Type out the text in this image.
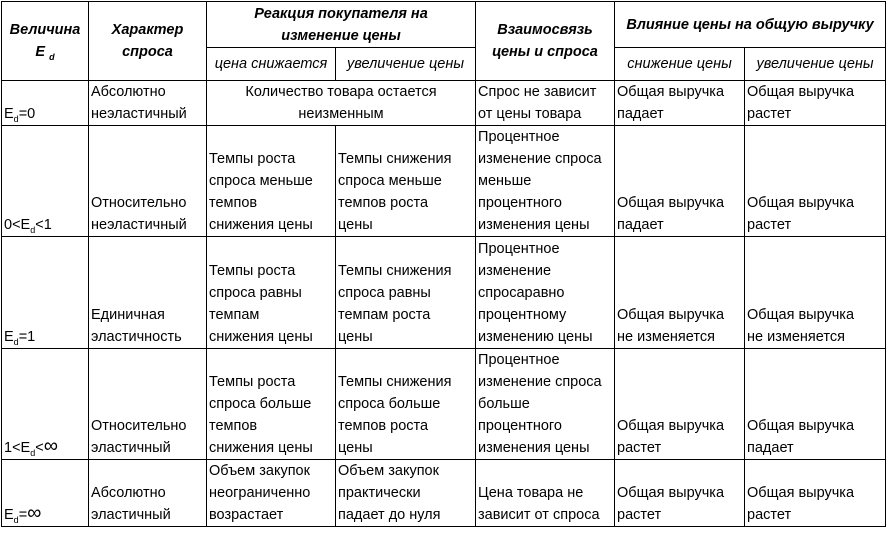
Величина
E $_d$	Характер
спроса	Реакция покупателя на
изменение цены		Взаимосвязь
цены и спроса	Влияние цены на общую выручку	

		цена снижается	увеличение цены		снижение цены	увеличение цены
$E_d=0$	Абсолютно
неэластичный	Количество товара остается
неизменным		Спрос не зависит
от цены товара	Общая выручка
падает	Общая выручка
растет

$0<E_d<1$	Относительно
неэластичный	Темпы роста
спроса меньше
темпов
снижения цены	Темпы снижения
спроса меньше
темпов роста
цены	Процентное
изменение спроса
меньше
процентного
изменения цены	Общая выручка
падает	Общая выручка
растет

$E_d=1$	Единичная
эластичность	Темпы роста
спроса равны
темпам
снижения цены	Темпы снижения
спроса равны
темпам роста
цены	Процентное
изменение
спросаравно
процентному
изменению цены	Общая выручка
не изменяется	Общая выручка
не изменяется

$1<E_d<\infty$	Относительно
эластичный	Темпы роста
спроса больше
темпов
снижения цены	Темпы снижения
спроса больше
темпов роста
цены	Процентное
изменение спроса
больше
процентного
изменения цены	Общая выручка
растет	Общая выручка
падает

$E_d=\infty$	Абсолютно
эластичный	Объем закупок
неограниченно
возрастает	Объем закупок
практически
падает до нуля	Цена товара не
зависит от спроса	Общая выручка
растет	Общая выручка
растет
